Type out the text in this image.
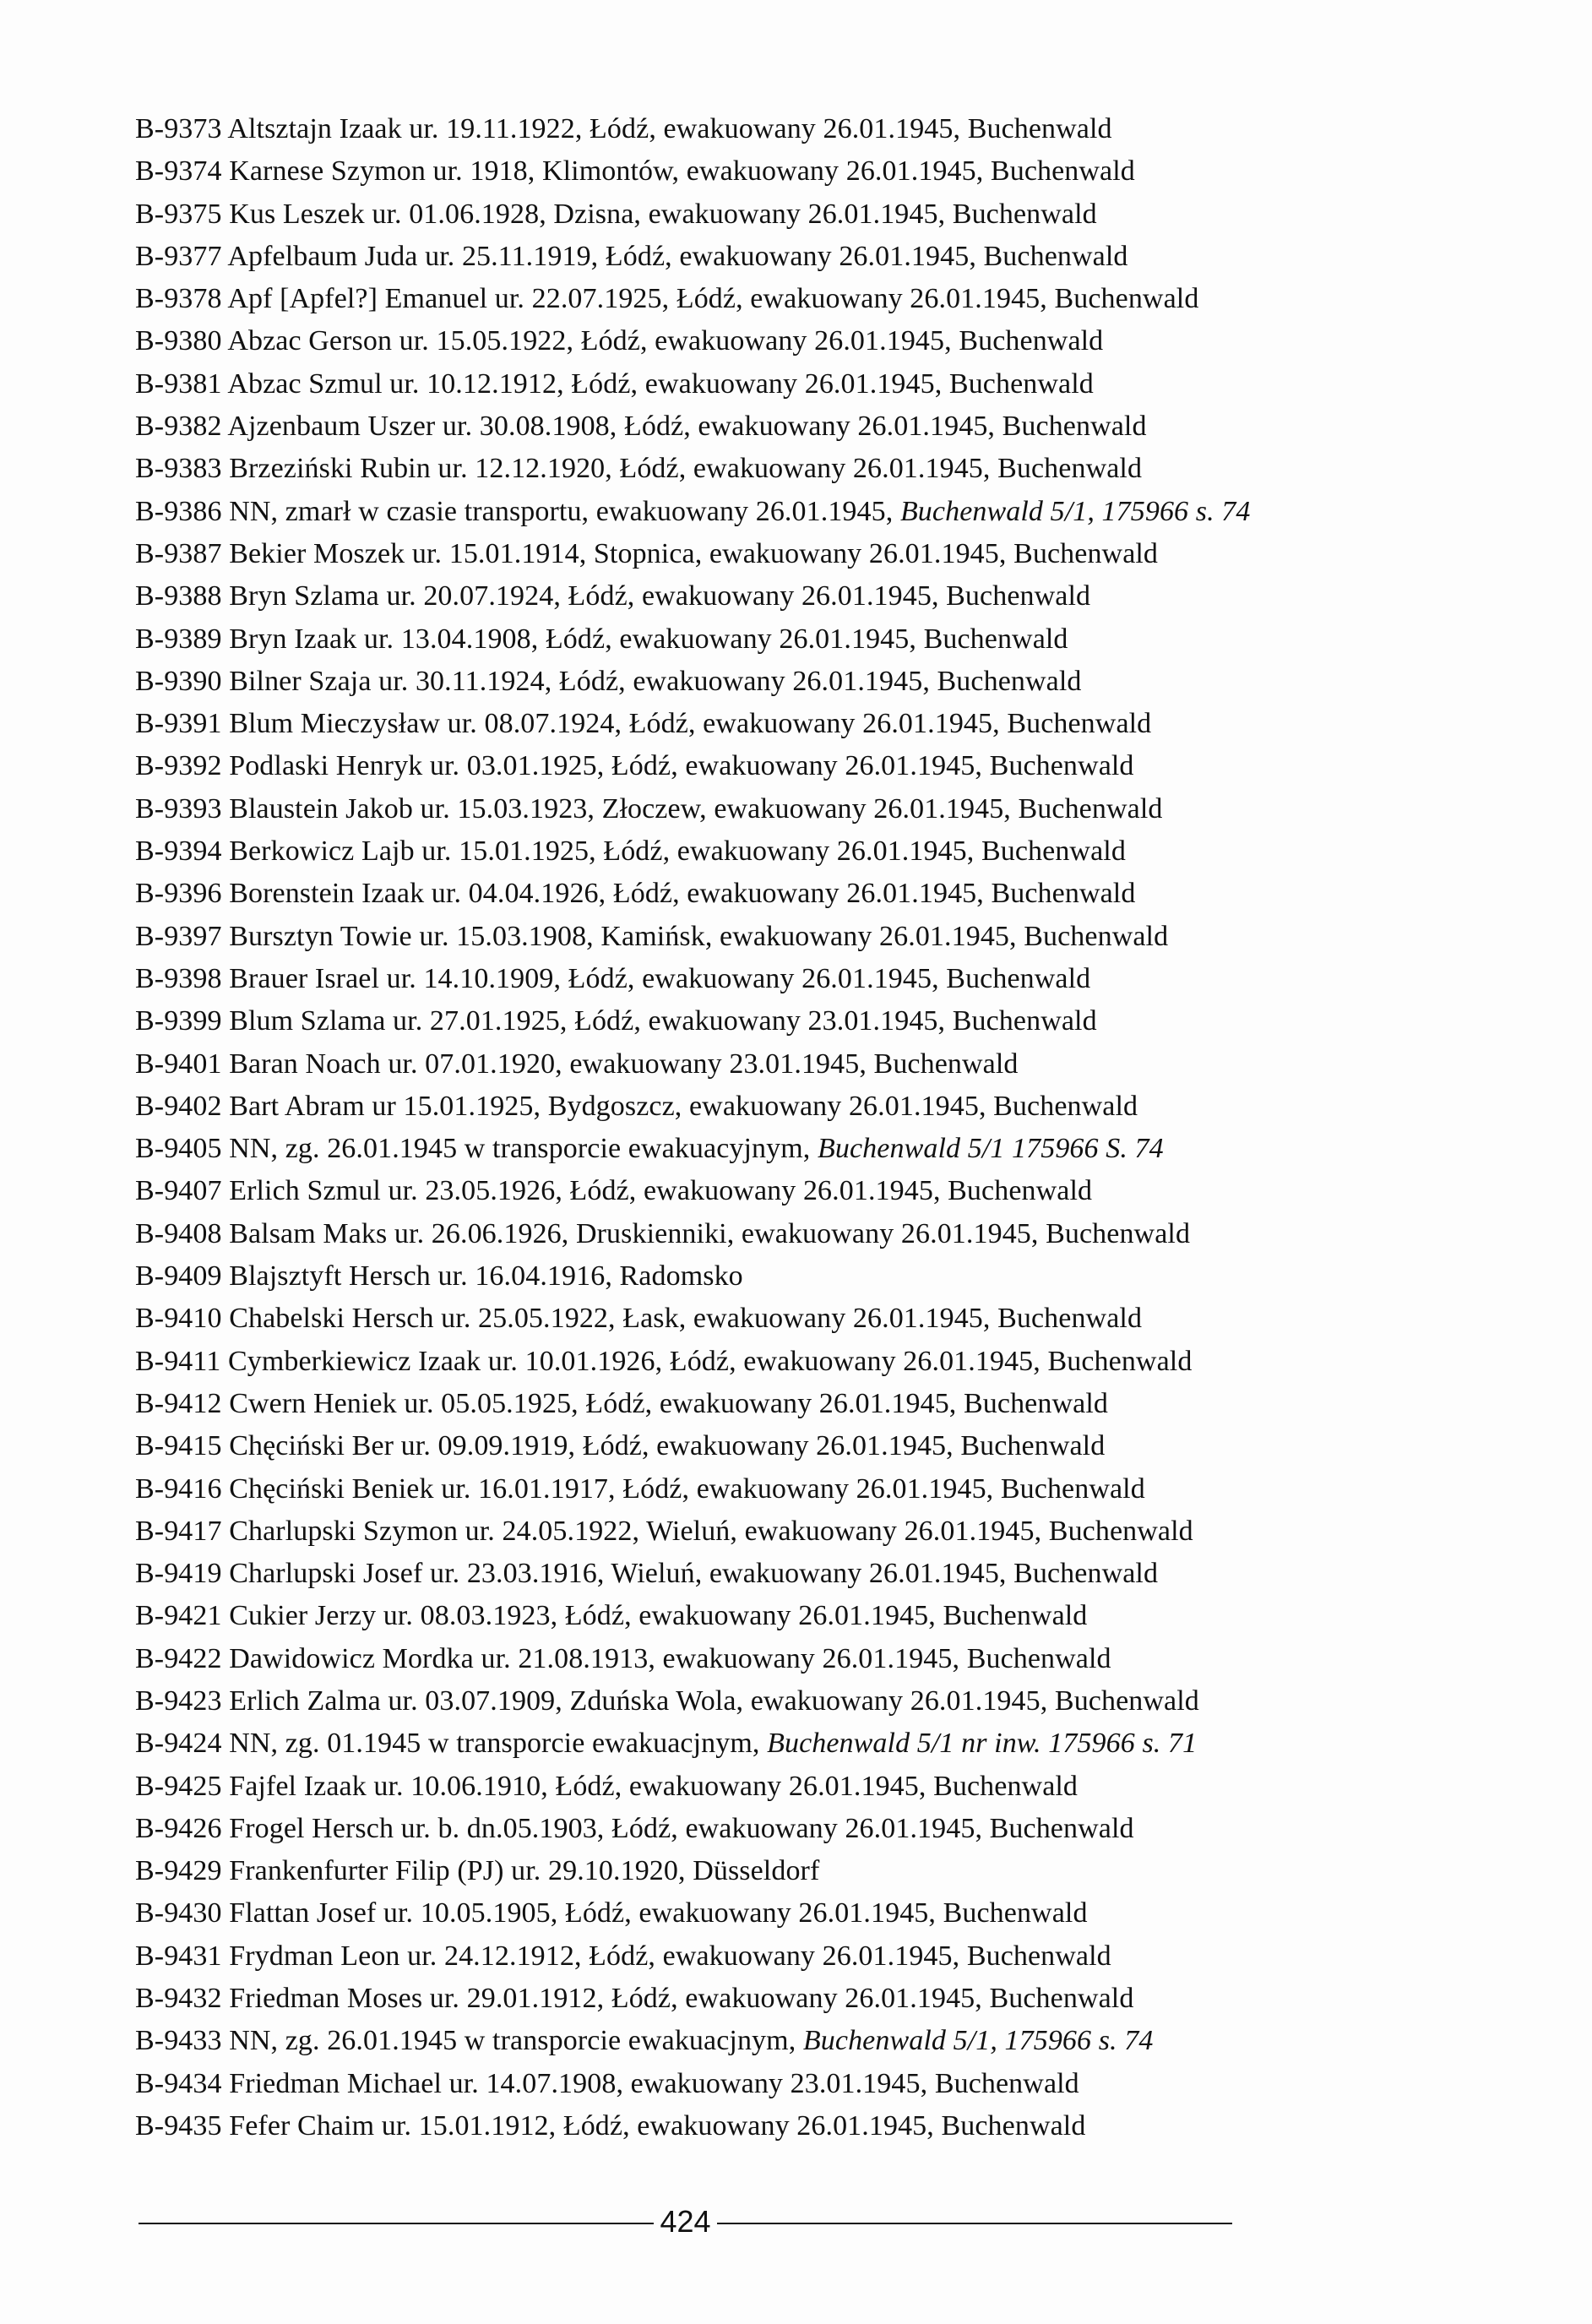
B-9373 Altsztajn Izaak ur. 19.11.1922, Łódź, ewakuowany 26.01.1945, Buchenwald
B-9374 Karnese Szymon ur. 1918, Klimontów, ewakuowany 26.01.1945, Buchenwald
B-9375 Kus Leszek ur. 01.06.1928, Dzisna, ewakuowany 26.01.1945, Buchenwald
B-9377 Apfelbaum Juda ur. 25.11.1919, Łódź, ewakuowany 26.01.1945, Buchenwald
B-9378 Apf [Apfel?] Emanuel ur. 22.07.1925, Łódź, ewakuowany 26.01.1945, Buchenwald
B-9380 Abzac Gerson ur. 15.05.1922, Łódź, ewakuowany 26.01.1945, Buchenwald
B-9381 Abzac Szmul ur. 10.12.1912, Łódź, ewakuowany 26.01.1945, Buchenwald
B-9382 Ajzenbaum Uszer ur. 30.08.1908, Łódź, ewakuowany 26.01.1945, Buchenwald
B-9383 Brzeziński Rubin ur. 12.12.1920, Łódź, ewakuowany 26.01.1945, Buchenwald
B-9386 NN, zmarł w czasie transportu, ewakuowany 26.01.1945, Buchenwald 5/1, 175966 s. 74
B-9387 Bekier Moszek ur. 15.01.1914, Stopnica, ewakuowany 26.01.1945, Buchenwald
B-9388 Bryn Szlama ur. 20.07.1924, Łódź, ewakuowany 26.01.1945, Buchenwald
B-9389 Bryn Izaak ur. 13.04.1908, Łódź, ewakuowany 26.01.1945, Buchenwald
B-9390 Bilner Szaja ur. 30.11.1924, Łódź, ewakuowany 26.01.1945, Buchenwald
B-9391 Blum Mieczysław ur. 08.07.1924, Łódź, ewakuowany 26.01.1945, Buchenwald
B-9392 Podlaski Henryk ur. 03.01.1925, Łódź, ewakuowany 26.01.1945, Buchenwald
B-9393 Blaustein Jakob ur. 15.03.1923, Złoczew, ewakuowany 26.01.1945, Buchenwald
B-9394 Berkowicz Lajb ur. 15.01.1925, Łódź, ewakuowany 26.01.1945, Buchenwald
B-9396 Borenstein Izaak ur. 04.04.1926, Łódź, ewakuowany 26.01.1945, Buchenwald
B-9397 Bursztyn Towie ur. 15.03.1908, Kamińsk, ewakuowany 26.01.1945, Buchenwald
B-9398 Brauer Israel ur. 14.10.1909, Łódź, ewakuowany 26.01.1945, Buchenwald
B-9399 Blum Szlama ur. 27.01.1925, Łódź, ewakuowany 23.01.1945, Buchenwald
B-9401 Baran Noach ur. 07.01.1920, ewakuowany 23.01.1945, Buchenwald
B-9402 Bart Abram ur 15.01.1925, Bydgoszcz, ewakuowany 26.01.1945, Buchenwald
B-9405 NN, zg. 26.01.1945 w transporcie ewakuacyjnym, Buchenwald 5/1 175966 S. 74
B-9407 Erlich Szmul ur. 23.05.1926, Łódź, ewakuowany 26.01.1945, Buchenwald
B-9408 Balsam Maks ur. 26.06.1926, Druskienniki, ewakuowany 26.01.1945, Buchenwald
B-9409 Blajsztyft Hersch ur. 16.04.1916, Radomsko
B-9410 Chabelski Hersch ur. 25.05.1922, Łask, ewakuowany 26.01.1945, Buchenwald
B-9411 Cymberkiewicz Izaak ur. 10.01.1926, Łódź, ewakuowany 26.01.1945, Buchenwald
B-9412 Cwern Heniek ur. 05.05.1925, Łódź, ewakuowany 26.01.1945, Buchenwald
B-9415 Chęciński Ber ur. 09.09.1919, Łódź, ewakuowany 26.01.1945, Buchenwald
B-9416 Chęciński Beniek ur. 16.01.1917, Łódź, ewakuowany 26.01.1945, Buchenwald
B-9417 Charlupski Szymon ur. 24.05.1922, Wieluń, ewakuowany 26.01.1945, Buchenwald
B-9419 Charlupski Josef ur. 23.03.1916, Wieluń, ewakuowany 26.01.1945, Buchenwald
B-9421 Cukier Jerzy ur. 08.03.1923, Łódź, ewakuowany 26.01.1945, Buchenwald
B-9422 Dawidowicz Mordka ur. 21.08.1913, ewakuowany 26.01.1945, Buchenwald
B-9423 Erlich Zalma ur. 03.07.1909, Zduńska Wola, ewakuowany 26.01.1945, Buchenwald
B-9424 NN, zg. 01.1945 w transporcie ewakuacjnym, Buchenwald 5/1 nr inw. 175966 s. 71
B-9425 Fajfel Izaak ur. 10.06.1910, Łódź, ewakuowany 26.01.1945, Buchenwald
B-9426 Frogel Hersch ur. b. dn.05.1903, Łódź, ewakuowany 26.01.1945, Buchenwald
B-9429 Frankenfurter Filip (PJ) ur. 29.10.1920, Düsseldorf
B-9430 Flattan Josef ur. 10.05.1905, Łódź, ewakuowany 26.01.1945, Buchenwald
B-9431 Frydman Leon ur. 24.12.1912, Łódź, ewakuowany 26.01.1945, Buchenwald
B-9432 Friedman Moses ur. 29.01.1912, Łódź, ewakuowany 26.01.1945, Buchenwald
B-9433 NN, zg. 26.01.1945 w transporcie ewakuacjnym, Buchenwald 5/1, 175966 s. 74
B-9434 Friedman Michael ur. 14.07.1908, ewakuowany 23.01.1945, Buchenwald
B-9435 Fefer Chaim ur. 15.01.1912, Łódź, ewakuowany 26.01.1945, Buchenwald
424
